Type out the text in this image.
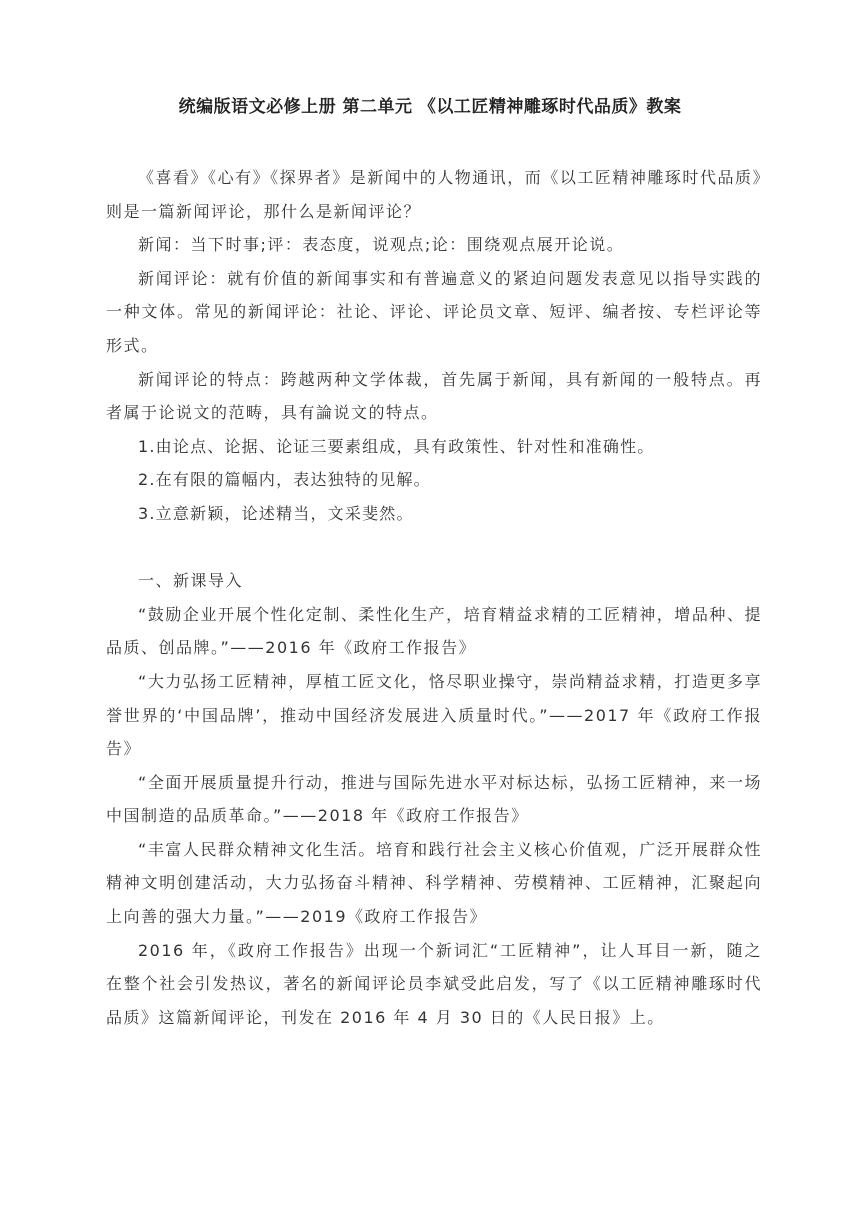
统编版语文必修上册 第二单元 《以工匠精神雕琢时代品质》教案

《喜看》《心有》《探界者》是新闻中的人物通讯，而《以工匠精神雕琢时代品质》则是一篇新闻评论，那什么是新闻评论？

新闻：当下时事;评：表态度，说观点;论：围绕观点展开论说。

新闻评论：就有价值的新闻事实和有普遍意义的紧迫问题发表意见以指导实践的一种文体。常见的新闻评论：社论、评论、评论员文章、短评、编者按、专栏评论等形式。

新闻评论的特点：跨越两种文学体裁，首先属于新闻，具有新闻的一般特点。再者属于论说文的范畴，具有論说文的特点。

1.由论点、论据、论证三要素组成，具有政策性、针对性和准确性。

2.在有限的篇幅内，表达独特的见解。

3.立意新颖，论述精当，文采斐然。

一、新课导入

“鼓励企业开展个性化定制、柔性化生产，培育精益求精的工匠精神，增品种、提品质、创品牌。”——2016 年《政府工作报告》

“大力弘扬工匠精神，厚植工匠文化，恪尽职业操守，崇尚精益求精，打造更多享誉世界的‘中国品牌’，推动中国经济发展进入质量时代。”——2017 年《政府工作报告》

“全面开展质量提升行动，推进与国际先进水平对标达标，弘扬工匠精神，来一场中国制造的品质革命。”——2018 年《政府工作报告》

“丰富人民群众精神文化生活。培育和践行社会主义核心价值观，广泛开展群众性精神文明创建活动，大力弘扬奋斗精神、科学精神、劳模精神、工匠精神，汇聚起向上向善的强大力量。”——2019《政府工作报告》

2016 年，《政府工作报告》出现一个新词汇“工匠精神”，让人耳目一新，随之在整个社会引发热议，著名的新闻评论员李斌受此启发，写了《以工匠精神雕琢时代品质》这篇新闻评论，刊发在 2016 年 4 月 30 日的《人民日报》上。
